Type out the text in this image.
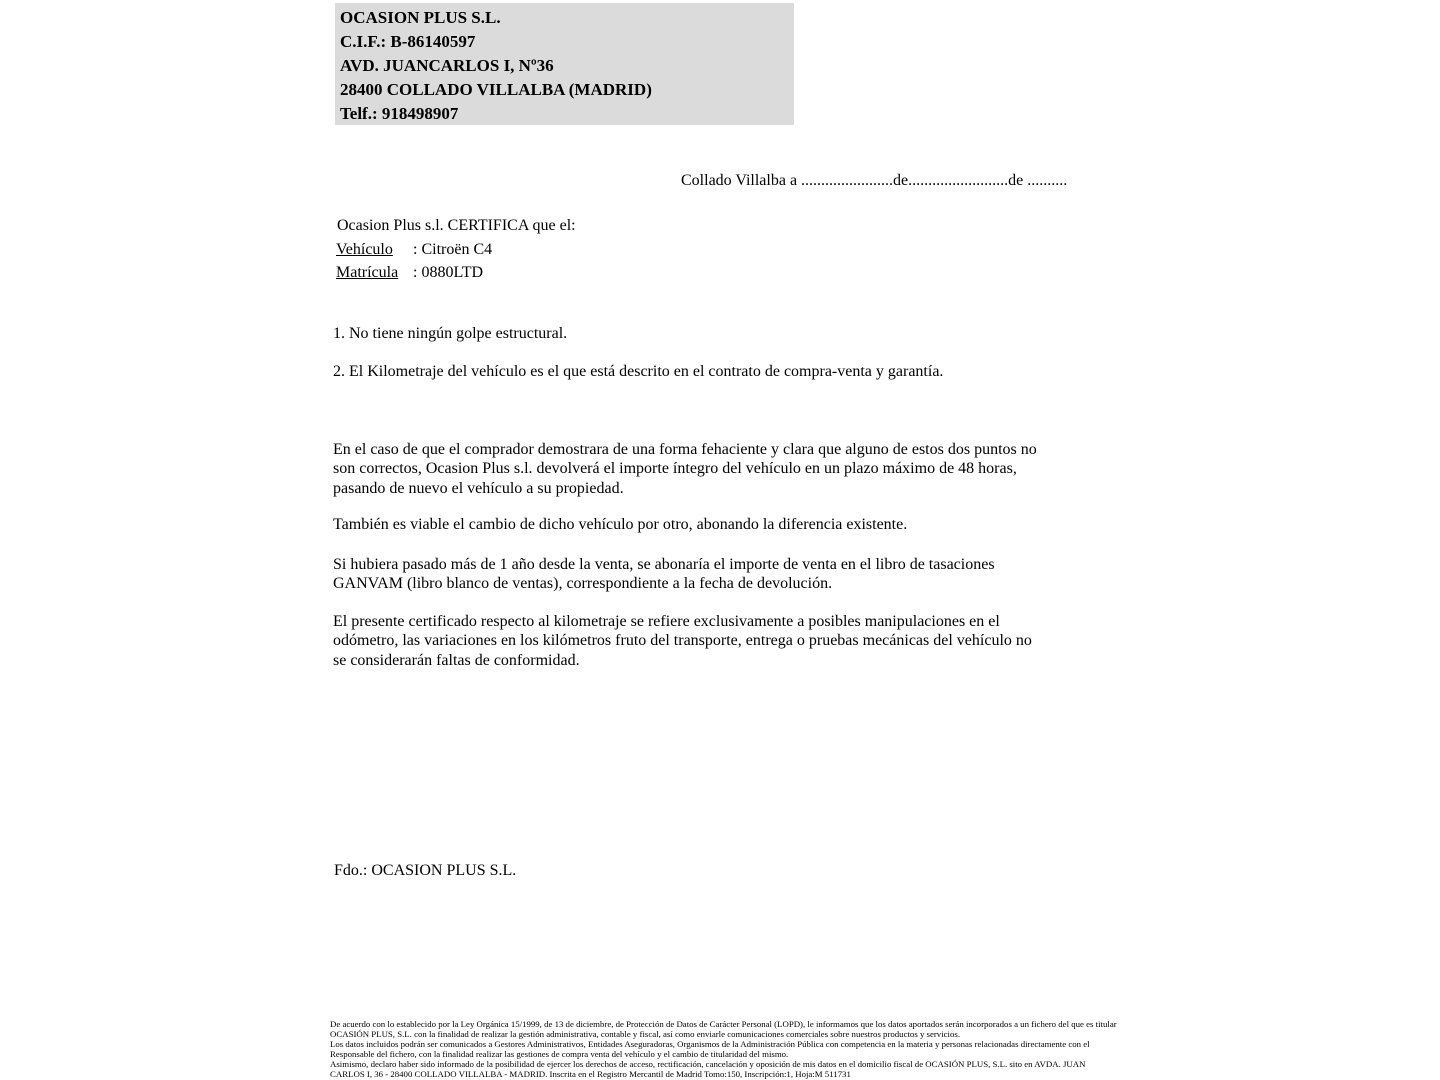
OCASION PLUS S.L.
C.I.F.: B-86140597
AVD. JUANCARLOS I, Nº36
28400 COLLADO VILLALBA (MADRID)
Telf.: 918498907
Collado Villalba a .......................de.........................de ..........
Ocasion Plus s.l. CERTIFICA que el:
Vehículo : Citroën C4
Matrícula : 0880LTD
1. No tiene ningún golpe estructural.
2. El Kilometraje del vehículo es el que está descrito en el contrato de compra-venta y garantía.
En el caso de que el comprador demostrara de una forma fehaciente y clara que alguno de estos dos puntos no
son correctos, Ocasion Plus s.l. devolverá el importe íntegro del vehículo en un plazo máximo de 48 horas,
pasando de nuevo el vehículo a su propiedad.
También es viable el cambio de dicho vehículo por otro, abonando la diferencia existente.
Si hubiera pasado más de 1 año desde la venta, se abonaría el importe de venta en el libro de tasaciones
GANVAM (libro blanco de ventas), correspondiente a la fecha de devolución.
El presente certificado respecto al kilometraje se refiere exclusivamente a posibles manipulaciones en el
odómetro, las variaciones en los kilómetros fruto del transporte, entrega o pruebas mecánicas del vehículo no
se considerarán faltas de conformidad.
Fdo.: OCASION PLUS S.L.
De acuerdo con lo establecido por la Ley Orgánica 15/1999, de 13 de diciembre, de Protección de Datos de Carácter Personal (LOPD), le informamos que los datos aportados serán incorporados a un fichero del que es titular
OCASIÓN PLUS, S.L. con la finalidad de realizar la gestión administrativa, contable y fiscal, así como enviarle comunicaciones comerciales sobre nuestros productos y servicios.
Los datos incluidos podrán ser comunicados a Gestores Administrativos, Entidades Aseguradoras, Organismos de la Administración Pública con competencia en la materia y personas relacionadas directamente con el
Responsable del fichero, con la finalidad realizar las gestiones de compra venta del vehículo y el cambio de titularidad del mismo.
Asimismo, declaro haber sido informado de la posibilidad de ejercer los derechos de acceso, rectificación, cancelación y oposición de mis datos en el domicilio fiscal de OCASIÓN PLUS, S.L. sito en AVDA. JUAN
CARLOS I, 36 - 28400 COLLADO VILLALBA - MADRID. Inscrita en el Registro Mercantil de Madrid Tomo:150, Inscripción:1, Hoja:M 511731
